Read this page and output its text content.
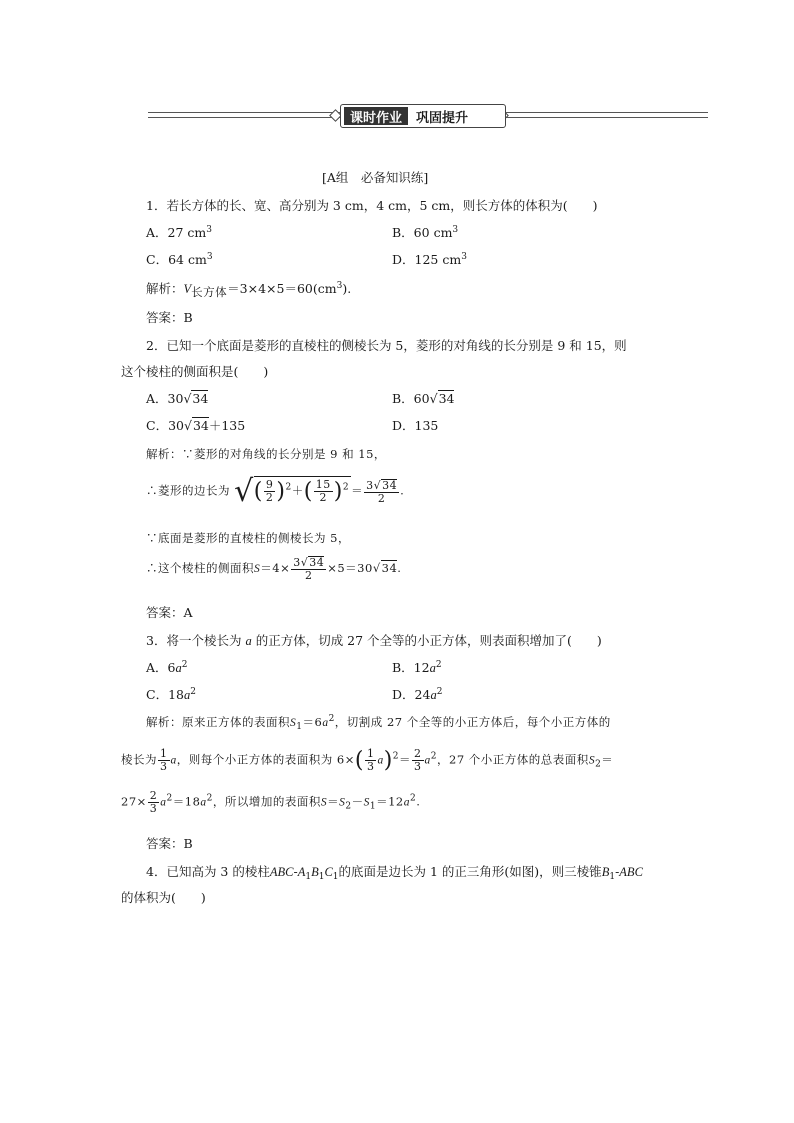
课时作业	巩固提升
[A组　必备知识练]
1．若长方体的长、宽、高分别为 3 cm，4 cm，5 cm，则长方体的体积为(　　)
A．27 $cm^3$	B．60 $cm^3$
C．64 $cm^3$	D．125 $cm^3$
解析：V长方体$=3\times 4\times 5=60(cm^3)$.
答案：B
2．已知一个底面是菱形的直棱柱的侧棱长为 5，菱形的对角线的长分别是 9 和 15，则
这个棱柱的侧面积是(　　)
A．30√34	B．60√34
C．30√34＋135	D．135
解析：∵菱形的对角线的长分别是 9 和 15，
∴菱形的边长为 √( $\frac{9}{2} )^2+( \frac{15}{2} )^2 = \frac{3√34}{2}$ .
∵底面是菱形的直棱柱的侧棱长为 5，
∴这个棱柱的侧面积$S=4\times \frac{3√34}{2} \times 5=30√34$.
答案：A
3．将一个棱长为 a 的正方体，切成 27 个全等的小正方体，则表面积增加了(　　)
A．$6a^2$	B．$12a^2$
C．$18a^2$	D．$24a^2$
解析：原来正方体的表面积$S_1=6a^2$，切割成 27 个全等的小正方体后，每个小正方体的
棱长为 $\frac{1}{3}$ a，则每个小正方体的表面积为 $6\times( \frac{1}{3} a)^2= \frac{2}{3} a^2$，27 个小正方体的总表面积$S_2=$
$27\times \frac{2}{3} a^2=18a^2$，所以增加的表面积$S=S_2-S_1=12a^2$.
答案：B
4．已知高为 3 的棱柱ABC-$A_1B_1C_1$的底面是边长为 1 的正三角形(如图)，则三棱锥$B_1$-ABC
的体积为(　　)
